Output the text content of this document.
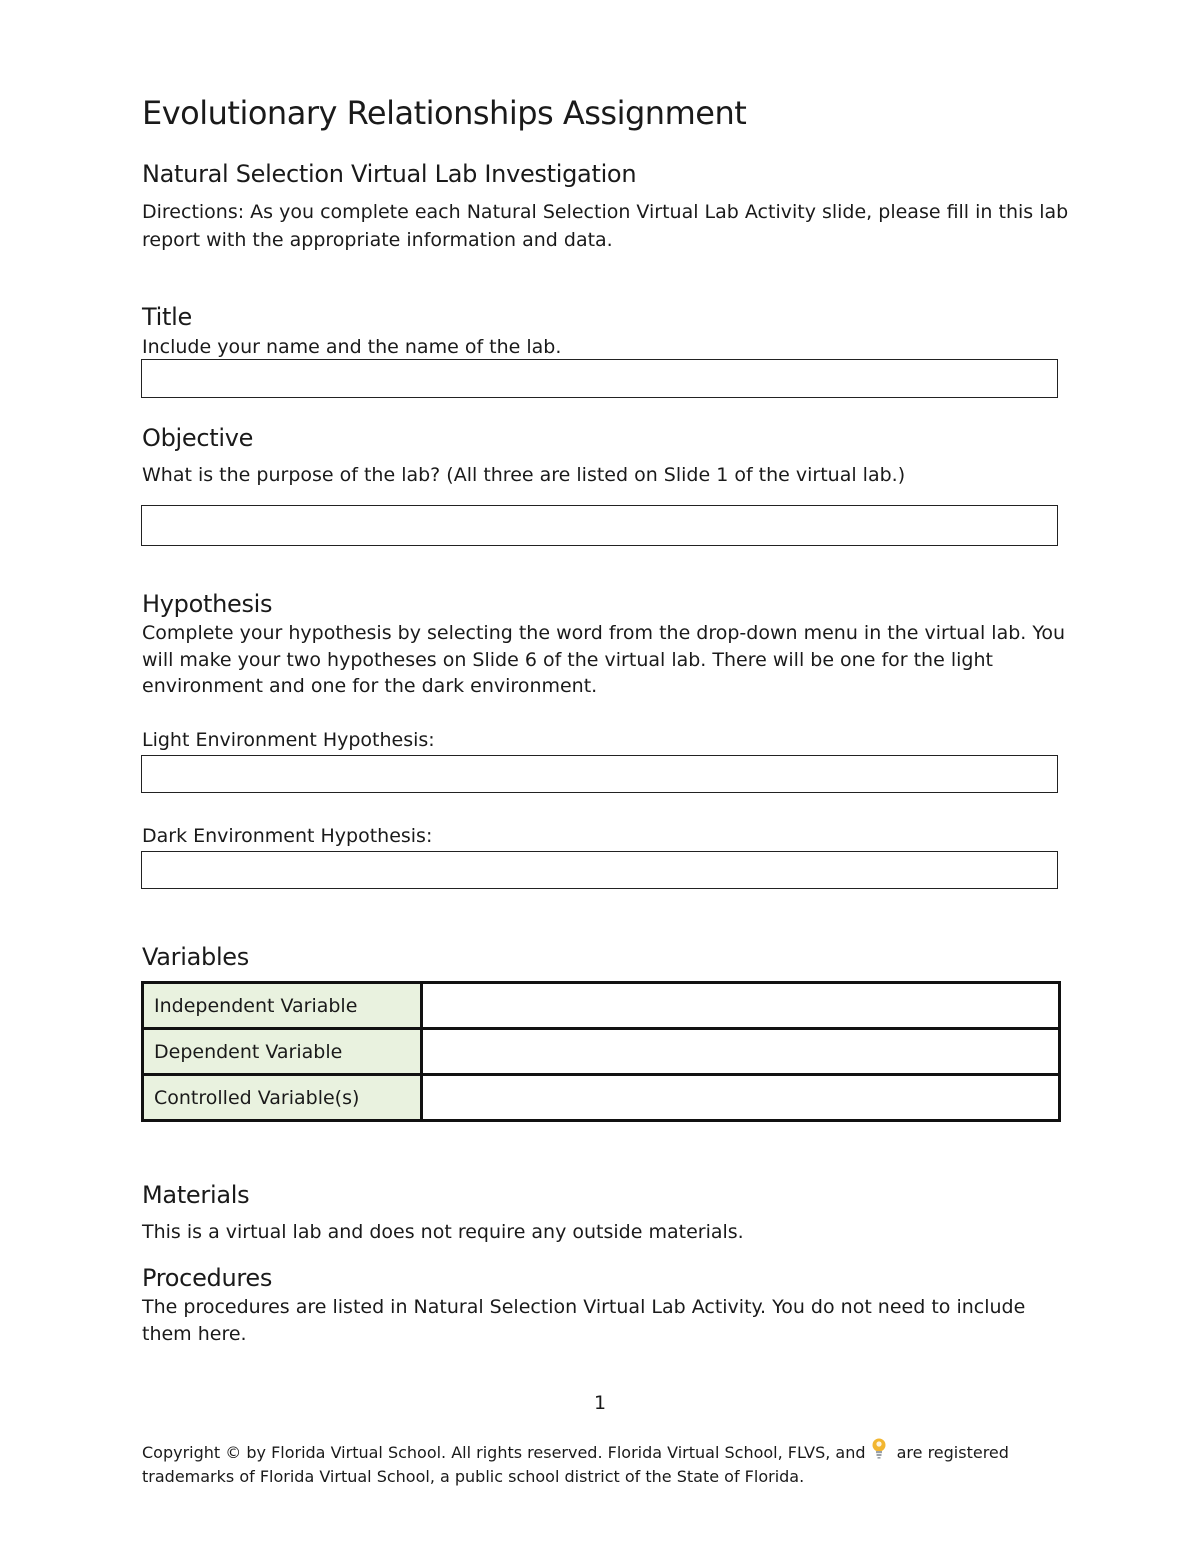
Evolutionary Relationships Assignment
Natural Selection Virtual Lab Investigation

Directions: As you complete each Natural Selection Virtual Lab Activity slide, please fill in this lab report with the appropriate information and data.

Title

Include your name and the name of the lab.

Objective

What is the purpose of the lab? (All three are listed on Slide 1 of the virtual lab.)

Hypothesis

Complete your hypothesis by selecting the word from the drop-down menu in the virtual lab. You will make your two hypotheses on Slide 6 of the virtual lab. There will be one for the light environment and one for the dark environment.

Light Environment Hypothesis:

Dark Environment Hypothesis:

Variables
Independent Variable	
Dependent Variable	
Controlled Variable(s)	
Materials

This is a virtual lab and does not require any outside materials.

Procedures

The procedures are listed in Natural Selection Virtual Lab Activity. You do not need to include them here.

1

Copyright © by Florida Virtual School. All rights reserved. Florida Virtual School, FLVS, and are registered trademarks of Florida Virtual School, a public school district of the State of Florida.
